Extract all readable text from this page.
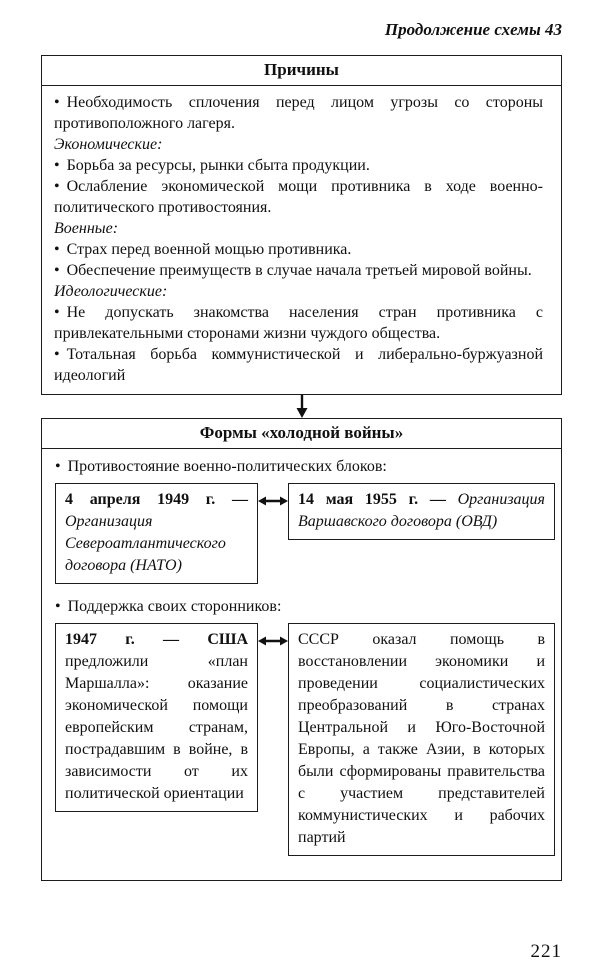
Продолжение схемы 43
Причины
• Необходимость сплочения перед лицом угрозы со стороны противоположного лагеря.
Экономические:
• Борьба за ресурсы, рынки сбыта продукции.
• Ослабление экономической мощи противника в ходе военно-политического противостояния.
Военные:
• Страх перед военной мощью противника.
• Обеспечение преимуществ в случае начала третьей мировой войны.
Идеологические:
• Не допускать знакомства населения стран противника с привлекательными сторонами жизни чуждого общества.
• Тотальная борьба коммунистической и либерально-буржуазной идеологий
Формы «холодной войны»
• Противостояние военно-политических блоков:
4 апреля 1949 г. — Организация Североатлантического договора (НАТО)
14 мая 1955 г. — Организация Варшавского договора (ОВД)
• Поддержка своих сторонников:
1947 г. — США предложили «план Маршалла»: оказание экономической помощи европейским странам, пострадавшим в войне, в зависимости от их политической ориентации
СССР оказал помощь в восстановлении экономики и проведении социалистических преобразований в странах Центральной и Юго-Восточной Европы, а также Азии, в которых были сформированы правительства с участием представителей коммунистических и рабочих партий
221
